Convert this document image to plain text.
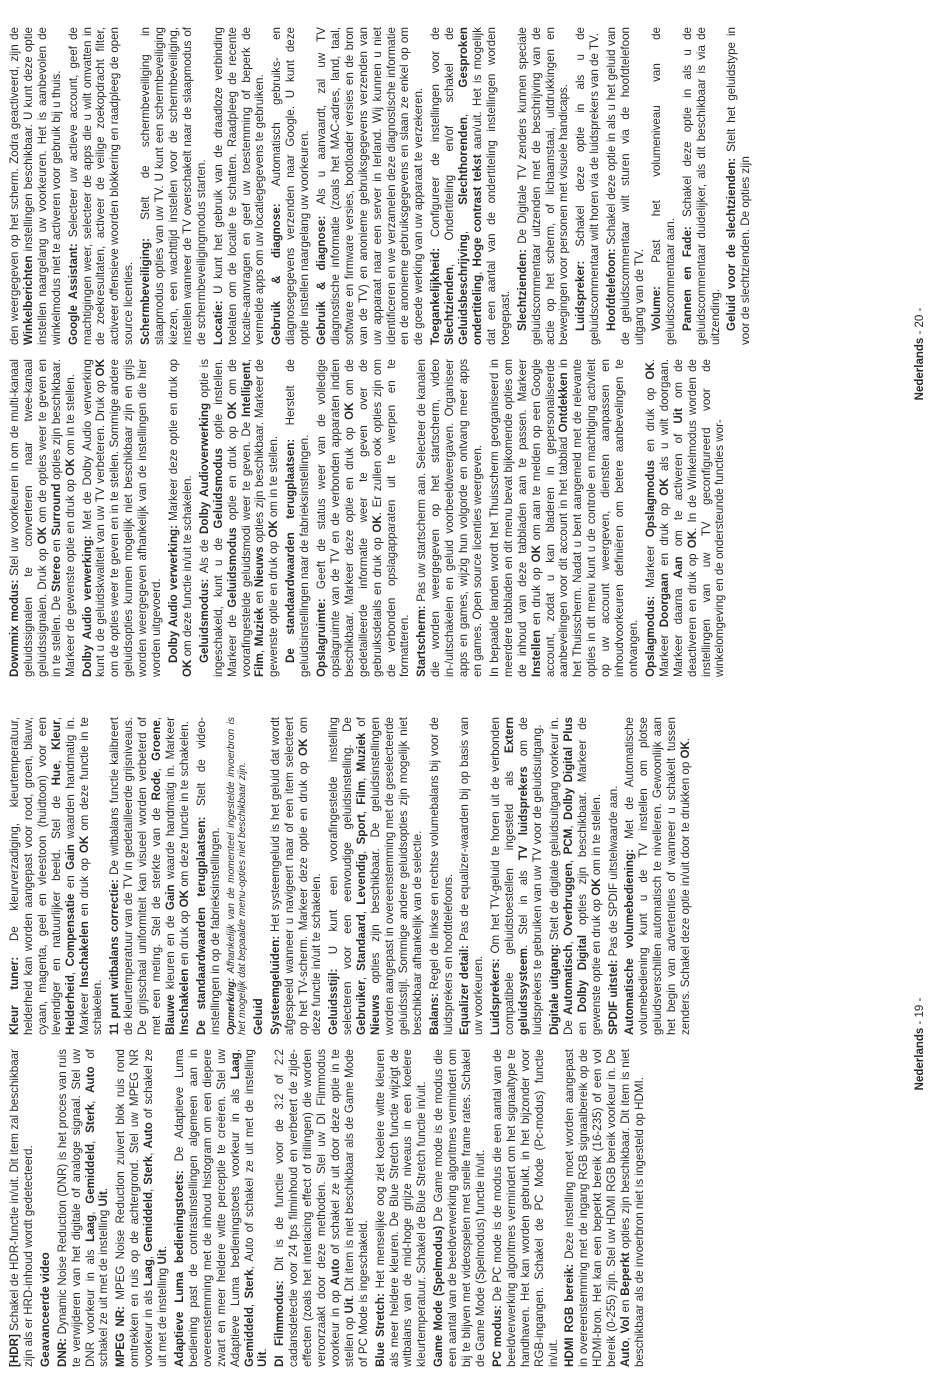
[HDR] Schakel de HDR-functie in/uit. Dit item zal beschikbaar zijn als er HRD-inhoud wordt gedetecteerd. Geavanceerde video DNR: Dynamic Noise Reduction (DNR) is het proces van ruis te verwijderen van het digitale of analoge signaal. Stel uw DNR voorkeur in als Laag, Gemiddeld, Sterk, Auto of schakel ze uit met de instelling Uit.

MPEG NR: MPEG Noise Reduction zuivert blok ruis rond omtrekken en ruis op de achtergrond. Stel uw MPEG NR voorkeur in als Laag, Gemiddeld, Sterk, Auto of schakel ze uit met de instelling Uit. Adaptieve Luma bedieningstoets: De Adaptieve Luma bediening past de contrastinstellingen algemeen aan in overeenstemming met de inhoud histogram om een diepere zwart en meer heldere witte perceptie te creëren. Stel uw Adaptieve Luma bedieningstoets voorkeur in als Laag, Gemiddeld, Sterk, Auto of schakel ze uit met de instelling Uit. DI Filmmodus: Dit is de functie voor de 3:2 of 2:2 cadansdetectie voor 24 fps filminhoud en verbetert de zijde-effecten (zoals het interlacing effect of trillingen) die worden veroorzaakt door deze methoden. Stel uw DI Filmmodus voorkeur in op Auto of schakel ze uit door deze optie in te stellen op Uit. Dit item is niet beschikbaar als de Game Mode of PC Mode is ingeschakeld. Blue Stretch: Het menselijke oog ziet koelere witte kleuren als meer heldere kleuren. De Blue Stretch functie wijzigt de witbalans van de mid-hoge grijze niveaus in een koelere kleurtemperatuur. Schakel de Blue Stretch functie in/uit. Game Mode (Spelmodus) De Game mode is de modus die een aantal van de beeldverwerking algoritmes vermindert om bij te blijven met videospelen met snelle frame rates. Schakel de Game Mode (Spelmodus) functie in/uit. PC modus: De PC mode is de modus die een aantal van de beeldverwerking algoritmes vermindert om het signaaltype te handhaven. Het kan worden gebruikt, in het bijzonder voor RGB-ingangen. Schakel de PC Mode (Pc-modus) functie in/uit. HDMI RGB bereik: Deze instelling moet worden aangepast in overeenstemming met de ingang RGB signaalbereik op de HDMI-bron. Het kan een beperkt bereik (16-235) of een vol bereik (0-255) zijn. Stel uw HDMI RGB bereik voorkeur in. De Auto, Vol en Beperkt opties zijn beschikbaar. Dit item is niet beschikbaar als de invoerbron niet is ingesteld op HDMI.

Kleur tuner: De kleurverzadiging, kleurtemperatuur, helderheid kan worden aangepast voor rood, groen, blauw, cyaan, magenta, geel en vleestoon (huidtoon) voor een levendiger en natuurlijker beeld. Stel de Hue, Kleur, Helderheid, Compensatie en Gain waarden handmatig in. Markeer Inschakelen en druk op OK om deze functie in te schakelen. 11 punt witbalans correctie: De witbalans functie kalibreert de kleurtemperatuur van de TV in gedetailleerde grijsniveaus. De grijsschaal uniformiteit kan visueel worden verbeterd of met een meting. Stel de sterkte van de Rode, Groene, Blauwe kleuren en de Gain waarde handmatig in. Markeer Inschakelen en druk op OK om deze functie in te schakelen.

De standaardwaarden terugplaatsen: Stelt de video-instellingen in op de fabrieksinstellingen. Opmerking: Afhankelijk van de momenteel ingestelde invoerbron is het mogelijk dat bepaalde menu-opties niet beschikbaar zijn. Geluid Systeemgeluiden: Het systeemgeluid is het geluid dat wordt afgespeeld wanneer u navigeert naar of een item selecteert op het TV-scherm. Markeer deze optie en druk op OK om deze functie in/uit te schakelen. Geluidsstijl: U kunt een voorafingestelde instelling selecteren voor een eenvoudige geluidsinstelling. De Gebruiker, Standaard, Levendig, Sport, Film, Muziek of Nieuws opties zijn beschikbaar. De geluidsinstellingen worden aangepast in overeenstemming met de geselecteerde geluidsstijl. Sommige andere geluidsopties zijn mogelijk niet beschikbaar afhankelijk van de selectie. Balans: Regel de linkse en rechtse volumebalans bij voor de luidsprekers en hoofdtelefoons. Equalizer detail: Pas de equalizer-waarden bij op basis van uw voorkeuren. Luidsprekers: Om het TV-geluid te horen uit de verbonden compatibele geluidstoestellen ingesteld als Extern geluidssysteem. Stel in als TV luidsprekers om de luidsprekers te gebruiken van uw TV voor de geluidsuitgang. Digitale uitgang: Stelt de digitale geluidsuitgang voorkeur in. De Automatisch, Overbruggen, PCM, Dolby Digital Plus en Dolby Digital opties zijn beschikbaar. Markeer de gewenste optie en druk op OK om in te stellen.

SPDIF uitstel: Pas de SPDIF uitstelwaarde aan. Automatische volumebediening: Met de Automatische volumebediening kunt u de TV instellen om plotse geluidsverschillen automatisch te nivelleren. Gewoonlijk aan het begin van advertenties of wanneer u schakelt tussen zenders. Schakel deze optie in/uit door te drukken op OK.

Nederlands - 19 -

Downmix modus: Stel uw voorkeuren in om de multi-kanaal geluidssignalen te converteren naar twee-kanaal geluidssignalen. Druk op OK om de opties weer te geven en in te stellen. De Stereo en Surround opties zijn beschikbaar. Markeer de gewenste optie en druk op OK om in te stellen.

Dolby Audio verwerking: Met de Dolby Audio verwerking kunt u de geluidskwaliteit van uw TV verbeteren. Druk op OK om de opties weer te geven en in te stellen. Sommige andere geluidsopties kunnen mogelijk niet beschikbaar zijn en grijs worden weergegeven afhankelijk van de instellingen die hier worden uitgevoerd. Dolby Audio verwerking: Markeer deze optie en druk op OK om deze functie in/uit te schakelen. Geluidsmodus: Als de Dolby Audioverwerking optie is ingeschakeld, kunt u de Geluidsmodus optie instellen. Markeer de Geluidsmodus optie en druk op OK om de voorafingestelde geluidsmodi weer te geven. De Intelligent, Film, Muziek en Nieuws opties zijn beschikbaar. Markeer de gewenste optie en druk op OK om in te stellen. De standaardwaarden terugplaatsen: Herstelt de geluidsinstellingen naar de fabrieksinstellingen. Opslagruimte: Geeft de status weer van de volledige opslagruimte van de TV en de verbonden apparaten indien beschikbaar. Markeer deze optie en druk op OK om de gedetailleerde informatie weer te geven over de gebruiksdetails en druk op OK. Er zullen ook opties zijn om de verbonden opslagapparaten uit te werpen en te formatteren. Startscherm: Pas uw startscherm aan. Selecteer de kanalen die worden weergegeven op het startscherm, video in-/uitschakelen en geluid voorbeeldweergaven. Organiseer apps en games, wijzig hun volgorde en ontvang meer apps en games. Open source licenties weergeven. In bepaalde landen wordt het Thuisscherm georganiseerd in meerdere tabbladen en dit menu bevat bijkomende opties om de inhoud van deze tabbladen aan te passen. Markeer Instellen en druk op OK om aan te melden op een Google account, zodat u kan bladeren in gepersonaliseerde aanbevelingen voor dit account in het tabblad Ontdekken in het Thuisscherm. Nadat u bent aangemeld met de relevante opties in dit menu kunt u de controle en machtiging activiteit op uw account weergeven, diensten aanpassen en inhoudvoorkeuren definiëren om betere aanbevelingen te ontvangen. Opslagmodus: Markeer Opslagmodus en druk op OK. Markeer Doorgaan en druk op OK als u wilt doorgaan. Markeer daarna Aan om te activeren of Uit om de deactiveren en druk op OK. In de Winkelmodus worden de instellingen van uw TV geconfigureerd voor de winkelomgeving en de ondersteunde functies wor-

den weergegeven op het scherm. Zodra geactiveerd, zijn de Winkelberichten instellingen beschikbaar. U kunt deze optie instellen naargelang uw voorkeuren. Het is aanbevolen de winkelmodus niet te activeren voor gebruik bij u thuis. Google Assistant: Selecteer uw actieve account, geef de machtigingen weer, selecteer de apps die u wilt omvatten in de zoekresultaten, activeer de veilige zoekopdracht filter, activeer offensieve woorden blokkering en raadpleeg de open source licenties. Schermbeveiliging: Stelt de schermbeveiliging in slaapmodus opties van uw TV. U kunt een schermbeveiliging kiezen, een wachttijd instellen voor de schermbeveiliging, instellen wanneer de TV overschakelt naar de slaapmodus of de schermbeveiligingmodus starten. Locatie: U kunt het gebruik van de draadloze verbinding toelaten om de locatie te schatten. Raadpleeg de recente locatie-aanvragen en geef uw toestemming of beperk de vermelde apps om uw locatiegegevens te gebruiken. Gebruik & diagnose: Automatisch gebruiks- en diagnosegegevens verzenden naar Google. U kunt deze optie instellen naargelang uw voorkeuren. Gebruik & diagnose: Als u aanvaardt, zal uw TV diagnostische informatie (zoals het MAC-adres, land, taal, software en firmware versies, bootloader versies en de bron van de TV) en anonieme gebruiksgegevens verzenden van uw apparaat naar een server in Ierland. Wij kunnen u niet identificeren en we verzamelen deze diagnostische informatie en de anonieme gebruiksgegevens en slaan ze enkel op om de goede werking van uw apparaat te verzekeren. Toegankelijkheid: Configureer de instellingen voor de Slechtzienden, Ondertiteling en/of schakel de Geluidsbeschrijving, Slechthorenden, Gesproken ondertiteling, Hoge contrast tekst aan/uit. Het is mogelijk dat een aantal van de ondertiteling instellingen worden toegepast. Slechtzienden: De Digitale TV zenders kunnen speciale geluidscommentaar uitzenden met de beschrijving van de actie op het scherm, of lichaamstaal, uitdrukkingen en bewegingen voor personen met visuele handicaps. Luidspreker: Schakel deze optie in als u de geluidscommentaar wilt horen via de luidsprekers van de TV. Hoofdtelefoon: Schakel deze optie in als u het geluid van de geluidscommentaar wilt sturen via de hoofdtelefoon uitgang van de TV. Volume: Past het volumeniveau van de geluidscommentaar aan. Pannen en Fade: Schakel deze optie in als u de geluidscommentaar duidelijker, als dit beschikbaar is via de uitzending. Geluid voor de slechtzienden: Stelt het geluidstype in voor de slechtzienden. De opties zijn

Nederlands - 20 -
